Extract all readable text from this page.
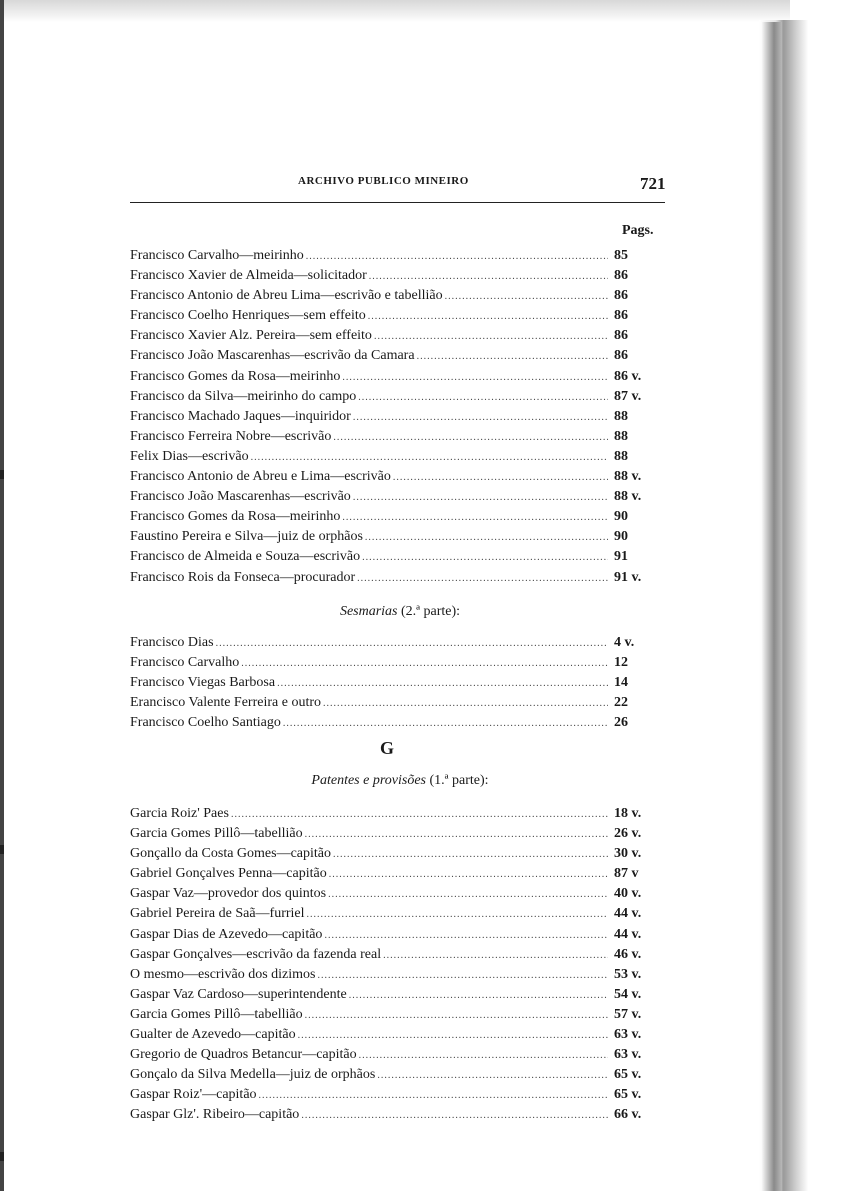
ARCHIVO PUBLICO MINEIRO	721
Pags.
Francisco Carvalho—meirinho .....	85
Francisco Xavier de Almeida—solicitador .....	86
Francisco Antonio de Abreu Lima—escrivão e tabellião .....	86
Francisco Coelho Henriques—sem effeito .....	86
Francisco Xavier Alz. Pereira—sem effeito .....	86
Francisco João Mascarenhas—escrivão da Camara .....	86
Francisco Gomes da Rosa—meirinho .....	86 v.
Francisco da Silva—meirinho do campo .....	87 v.
Francisco Machado Jaques—inquiridor .....	88
Francisco Ferreira Nobre—escrivão .....	88
Felix Dias—escrivão .....	88
Francisco Antonio de Abreu e Lima—escrivão .....	88 v.
Francisco João Mascarenhas—escrivão .....	88 v.
Francisco Gomes da Rosa—meirinho .....	90
Faustino Pereira e Silva—juiz de orphãos .....	90
Francisco de Almeida e Souza—escrivão .....	91
Francisco Rois da Fonseca—procurador .....	91 v.
Sesmarias (2.ª parte):
Francisco Dias .....	4 v.
Francisco Carvalho .....	12
Francisco Viegas Barbosa .....	14
Erancisco Valente Ferreira e outro .....	22
Francisco Coelho Santiago .....	26
G
Patentes e provisões (1.ª parte):
Garcia Roiz' Paes .....	18 v.
Garcia Gomes Pillô—tabellião .....	26 v.
Gonçallo da Costa Gomes—capitão .....	30 v.
Gabriel Gonçalves Penna—capitão .....	87 v
Gaspar Vaz—provedor dos quintos .....	40 v.
Gabriel Pereira de Saã—furriel .....	44 v.
Gaspar Dias de Azevedo—capitão .....	44 v.
Gaspar Gonçalves—escrivão da fazenda real .....	46 v.
O mesmo—escrivão dos dizimos .....	53 v.
Gaspar Vaz Cardoso—superintendente .....	54 v.
Garcia Gomes Pillô—tabellião .....	57 v.
Gualter de Azevedo—capitão .....	63 v.
Gregorio de Quadros Betancur—capitão .....	63 v.
Gonçalo da Silva Medella—juiz de orphãos .....	65 v.
Gaspar Roiz'—capitão .....	65 v.
Gaspar Glz'. Ribeiro—capitão .....	66 v.
